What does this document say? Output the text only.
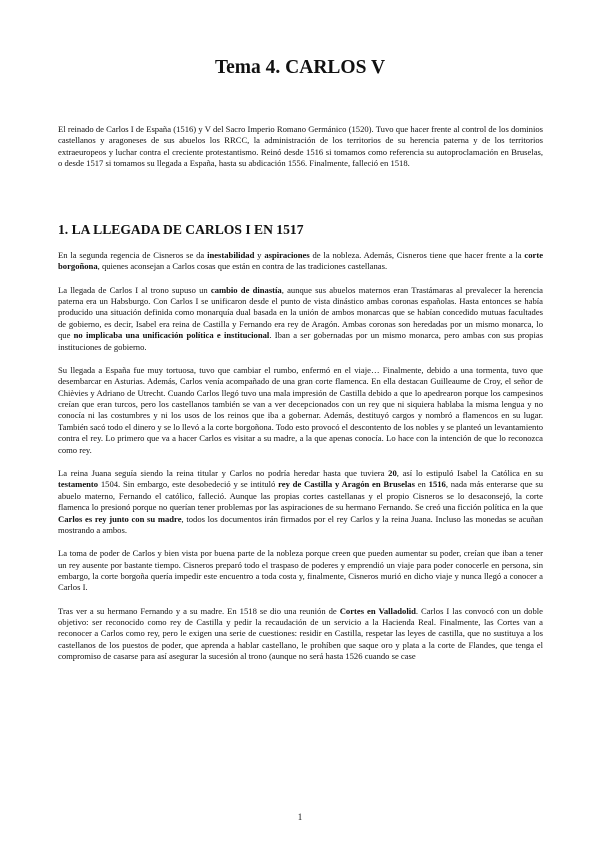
Tema 4. CARLOS V

El reinado de Carlos I de España (1516) y V del Sacro Imperio Romano Germánico (1520). Tuvo que hacer frente al control de los dominios castellanos y aragoneses de sus abuelos los RRCC, la administración de los territorios de su herencia paterna y de los territorios extraeuropeos y luchar contra el creciente protestantismo. Reinó desde 1516 si tomamos como referencia su autoproclamación en Bruselas, o desde 1517 si tomamos su llegada a España, hasta su abdicación 1556. Finalmente, falleció en 1518.

1. LA LLEGADA DE CARLOS I EN 1517

En la segunda regencia de Cisneros se da inestabilidad y aspiraciones de la nobleza. Además, Cisneros tiene que hacer frente a la corte borgoñona, quienes aconsejan a Carlos cosas que están en contra de las tradiciones castellanas.

La llegada de Carlos I al trono supuso un cambio de dinastía, aunque sus abuelos maternos eran Trastámaras al prevalecer la herencia paterna era un Habsburgo. Con Carlos I se unificaron desde el punto de vista dinástico ambas coronas españolas. Hasta entonces se había producido una situación definida como monarquía dual basada en la unión de ambos monarcas que se habían concedido mutuas facultades de gobierno, es decir, Isabel era reina de Castilla y Fernando era rey de Aragón. Ambas coronas son heredadas por un mismo monarca, lo que no implicaba una unificación política e institucional. Iban a ser gobernadas por un mismo monarca, pero ambas con sus propias instituciones de gobierno.

Su llegada a España fue muy tortuosa, tuvo que cambiar el rumbo, enfermó en el viaje… Finalmente, debido a una tormenta, tuvo que desembarcar en Asturias. Además, Carlos venía acompañado de una gran corte flamenca. En ella destacan Guilleaume de Croy, el señor de Chièvies y Adriano de Utrecht. Cuando Carlos llegó tuvo una mala impresión de Castilla debido a que lo apedrearon porque los campesinos creían que eran turcos, pero los castellanos también se van a ver decepcionados con un rey que ni siquiera hablaba la misma lengua y no conocía ni las costumbres y ni los usos de los reinos que iba a gobernar. Además, destituyó cargos y nombró a flamencos en su lugar. También sacó todo el dinero y se lo llevó a la corte borgoñona. Todo esto provocó el descontento de los nobles y se planteó un levantamiento contra el rey. Lo primero que va a hacer Carlos es visitar a su madre, a la que apenas conocía. Lo hace con la intención de que lo reconozca como rey.

La reina Juana seguía siendo la reina titular y Carlos no podría heredar hasta que tuviera 20, así lo estipuló Isabel la Católica en su testamento 1504. Sin embargo, este desobedeció y se intituló rey de Castilla y Aragón en Bruselas en 1516, nada más enterarse que su abuelo materno, Fernando el católico, falleció. Aunque las propias cortes castellanas y el propio Cisneros se lo desaconsejó, la corte flamenca lo presionó porque no querían tener problemas por las aspiraciones de su hermano Fernando. Se creó una ficción política en la que Carlos es rey junto con su madre, todos los documentos irán firmados por el rey Carlos y la reina Juana. Incluso las monedas se acuñan mostrando a ambos.

La toma de poder de Carlos y bien vista por buena parte de la nobleza porque creen que pueden aumentar su poder, creían que iban a tener un rey ausente por bastante tiempo. Cisneros preparó todo el traspaso de poderes y emprendió un viaje para poder conocerle en persona, sin embargo, la corte borgoña quería impedir este encuentro a toda costa y, finalmente, Cisneros murió en dicho viaje y nunca llegó a conocer a Carlos I.

Tras ver a su hermano Fernando y a su madre. En 1518 se dio una reunión de Cortes en Valladolid. Carlos I las convocó con un doble objetivo: ser reconocido como rey de Castilla y pedir la recaudación de un servicio a la Hacienda Real. Finalmente, las Cortes van a reconocer a Carlos como rey, pero le exigen una serie de cuestiones: residir en Castilla, respetar las leyes de castilla, que no sustituya a los castellanos de los puestos de poder, que aprenda a hablar castellano, le prohíben que saque oro y plata a la corte de Flandes, que tenga el compromiso de casarse para así asegurar la sucesión al trono (aunque no será hasta 1526 cuando se case

1
